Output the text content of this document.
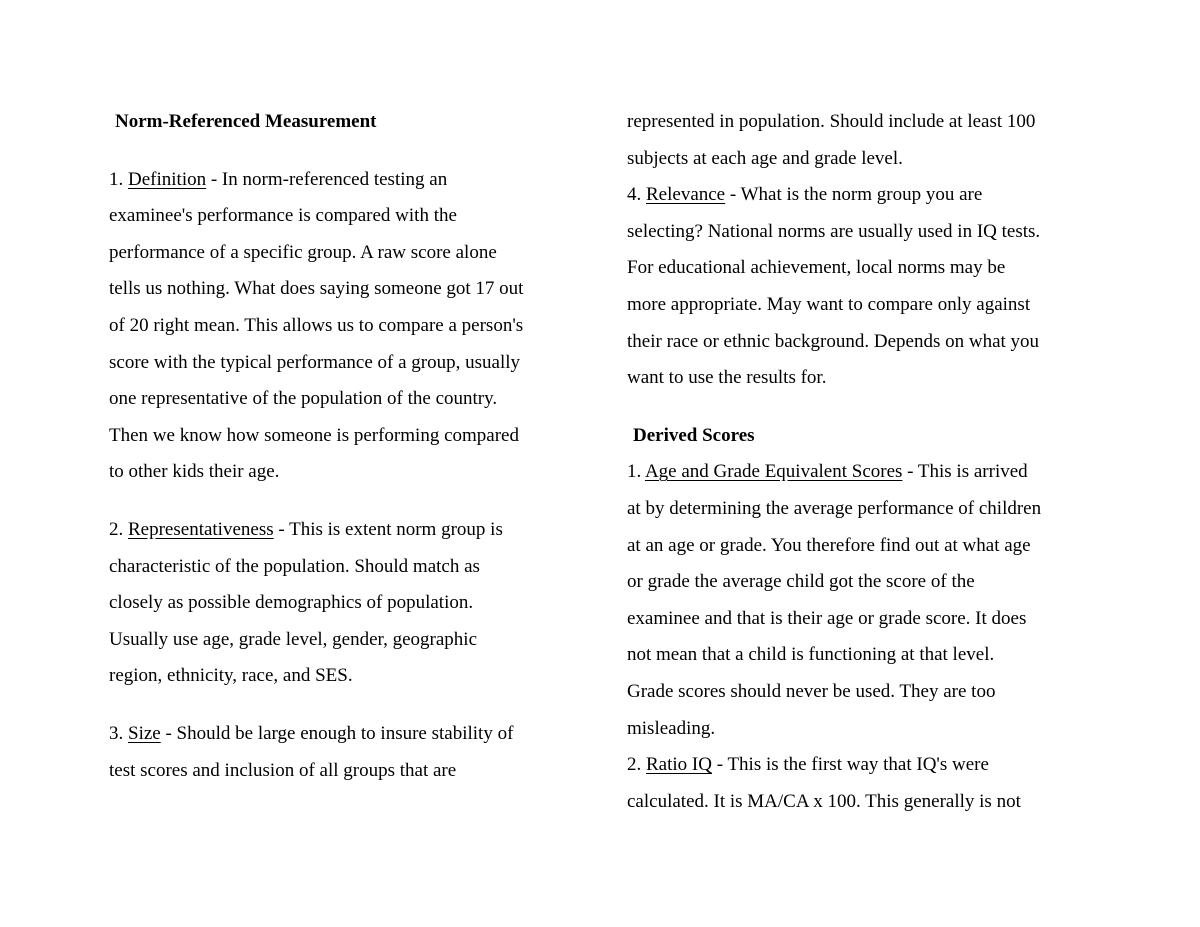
Norm-Referenced Measurement
1. Definition - In norm-referenced testing an
examinee's performance is compared with the
performance of a specific group. A raw score alone
tells us nothing. What does saying someone got 17 out
of 20 right mean. This allows us to compare a person's
score with the typical performance of a group, usually
one representative of the population of the country.
Then we know how someone is performing compared
to other kids their age.
2. Representativeness - This is extent norm group is
characteristic of the population. Should match as
closely as possible demographics of population.
Usually use age, grade level, gender, geographic
region, ethnicity, race, and SES.
3. Size - Should be large enough to insure stability of
test scores and inclusion of all groups that are
represented in population. Should include at least 100
subjects at each age and grade level.
4. Relevance - What is the norm group you are
selecting? National norms are usually used in IQ tests.
For educational achievement, local norms may be
more appropriate. May want to compare only against
their race or ethnic background. Depends on what you
want to use the results for.
Derived Scores
1. Age and Grade Equivalent Scores - This is arrived
at by determining the average performance of children
at an age or grade. You therefore find out at what age
or grade the average child got the score of the
examinee and that is their age or grade score. It does
not mean that a child is functioning at that level.
Grade scores should never be used. They are too
misleading.
2. Ratio IQ - This is the first way that IQ's were
calculated. It is MA/CA x 100. This generally is not
